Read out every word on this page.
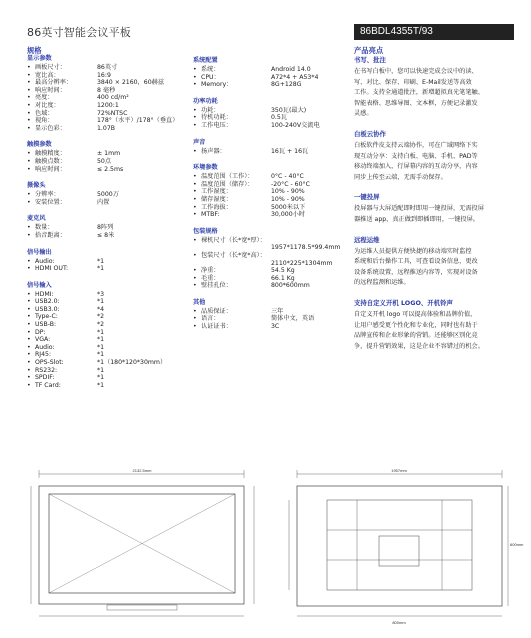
86英寸智能会议平板	86BDL4355T/93
规格
显示参数
• 画板尺寸：	86英寸
• 宽比高：	16:9
• 最高分辨率：	3840 × 2160，60赫兹
• 响应时间：	8 毫秒
• 亮度：	400 cd/m²
• 对比度：	1200:1
• 色域：	72%NTSC
• 视角：	178°（水平）/178°（垂直）
• 显示色彩：	1.07B
触摸参数
• 触摸精度：	± 1mm
• 触摸点数：	50点
• 响应时间：	≤ 2.5ms
摄像头
• 分辨率：	5000万
• 安装位置：	内置
麦克风
• 数量：	8阵列
• 拾音距离：	≤ 8米
信号输出
• Audio:	*1
• HDMI OUT:	*1
信号输入
• HDMI:	*3
• USB2.0:	*1
• USB3.0:	*4
• Type-C:	*2
• USB-B:	*2
• DP:	*1
• VGA:	*1
• Audio:	*1
• RJ45:	*1
• OPS-Slot:	*1（180*120*30mm）
• RS232:	*1
• SPDIF:	*1
• TF Card:	*1
系统配置
• 系统：	Android 14.0
• CPU：	A72*4 + A53*4
• Memory：	8G+128G
功率功耗
• 功耗：	350瓦(最大)
• 待机功耗：	0.5瓦
• 工作电压：	100-240V交流电
声音
• 扬声器：	16瓦 + 16瓦
环境参数
• 温度范围（工作）：	0°C - 40°C
• 温度范围（储存）：	-20°C - 60°C
• 工作湿度：	10% - 90%
• 储存湿度：	10% - 90%
• 工作海拔：	5000米以下
• MTBF:	30,000小时
包装规格
• 裸机尺寸（长*宽*厚）：
1957*1178.5*99.4mm
• 包装尺寸（长*宽*高）：
2110*225*1304mm
• 净重：	54.5 Kg
• 毛重：	66.1 Kg
• 壁挂孔位：	800*600mm
其他
• 品质保证：	三年
• 语言：	简体中文，英语
• 认证证书：	3C
产品亮点
书写、批注
在书写白板中，您可以快速完成会议中的读、
写、对比、保存、印刷、E-Mail发送等高效
工作。支持全通道批注，新增超拟真光笔笔触、
智能表格、思维导图、文本框，方便记录激发
灵感。
白板云协作
白板软件皮支持云端协作，可在广域网络下实
现互动分享：支持白板、电脑、手机、PAD等
移动终端加入，行屏幕内容的互动分享，内容
同步上传至云端，无需手动保存。
一键投屏
投屏器与大屏适配即时即用一键投屏，无需投屏
器推送 app，真正做到即插即用，一键投屏。
远程运维
为运维人员提供方便快捷的移动端实时监控
系统和后台操作工具，可查看设备信息，更改
设备系统设置，远程推送内容等，实现对设备
的远程监测和运维。
支持自定义开机 LOGO、开机铃声
自定义开机 logo 可以提高体验和品牌价值，
让用户感受更个性化和专业化，同时也有助于
品牌宣传和企业形象的营销。还能够区别化竞
争，提升营销效果，这是企业不容错过的机会。
2132.5mm	1957mm
600mm
800mm
